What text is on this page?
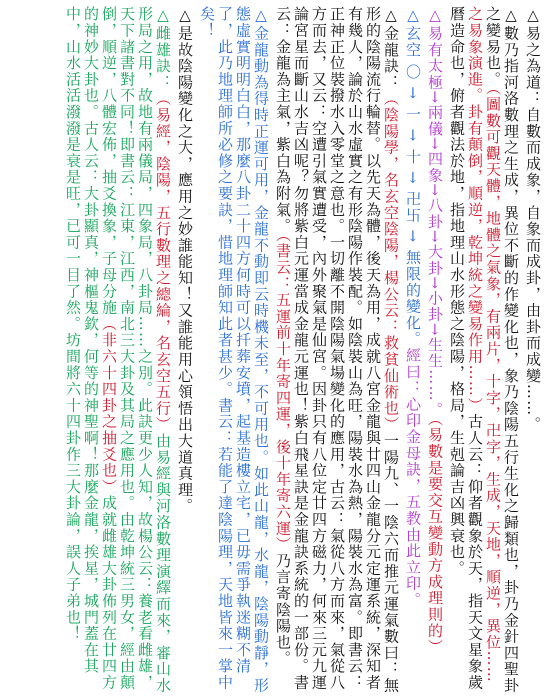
△易之為道：自數而成象，自象而成卦，由卦而成變……。

△數乃指河洛數理之生成，異位不斷的作變化也，象乃陰陽五行生化之歸類也，卦乃金針四聖卦之變易也。（圖數可觀天體，地體之氣象，有兩片，十字，卍字，生成，天地，順逆，異位……之易象演進。卦有顛倒，順逆，乾坤統之變易作用……）古人云：仰者觀象於天，指天文星象歲曆造命也，俯者觀法於地，指地理山水形態之陰陽，格局，生剋論吉凶興衰也。

△易有太極→兩儀→四象→八卦→大卦→小卦→生生……。（易數是要交互變動方成理則的）

△玄空 〇 → 一 → 十 → 卍卐 → 無限的變化。經曰：心印金母訣，五教由此立印。

△金龍訣：（陰陽學，名玄空陰陽，楊公云：救貧仙術也）一陽九、一陰六而推元運氣數曰：無形的陰陽流行輪替。以先天為體，後天為用，成就八宮金龍與廿四山金龍分元定運系統，深知者有幾人，論於山水虛實之有形陰陽作裝配。如陰裝山為旺，陽裝水為熱，陽裝水為富。即書云：正神正位裝撥水入零堂之意也。一切離不開陰陽氣場變化的應用，古云：氣從八方而來，氣從八方而去，又云：空遭引氣實遭受，內外聚氣是仙宮。因卦只有八位定廿四方磁力，何來三元九運論宮星而斷山水吉凶呢？勿將紫白元運當成金龍元運也！紫白飛星訣是金龍訣系統的一部份。書云：金龍為主氣，紫白為附氣。（書云：五運前十年寄四運，後十年寄六運）乃言寄陰陽也。

△金龍動為得時正運可用，金龍不動即云時機未至，不可用也。如此山龍，水龍，陰陽動靜，形態虛實明明白白，那麼八卦二十四方何時可以扦葬安墳，起基造樓立宅，已毋需爭執迷糊不清了，此乃地理師所必修之要訣，惜地理師知此者甚少。書云：若能了達陰陽理，天地皆來一掌中矣！

△是故陰陽變化之大，應用之妙誰能知！又誰能用心領悟出大道真理。

△雌雄訣：（易經，陰陽，五行數理之總綸，名玄空五行）由易經與河洛數理演繹而來，審山水形局之用，故地有兩儀局，四象局，八卦局……之別。此訣更少人知，故楊公云：養老看雌雄，天下諸書對不同！即書云：江東，江西，南北三大卦及其局之應用也。由乾坤統三男女，經由顛倒，順逆，八體宏佈，抽爻換象，子母分施（非六十四卦之抽爻也）成就雌雄大卦佈列在廿四方的神妙大卦也。古人云：大卦顯真，神樞鬼欽，何等的神聖啊！那麼金龍，挨星，城門蓋在其中，山水活活潑潑是衰是旺，已可一目了然。坊間將六十四卦作三大卦論，誤人子弟也！
